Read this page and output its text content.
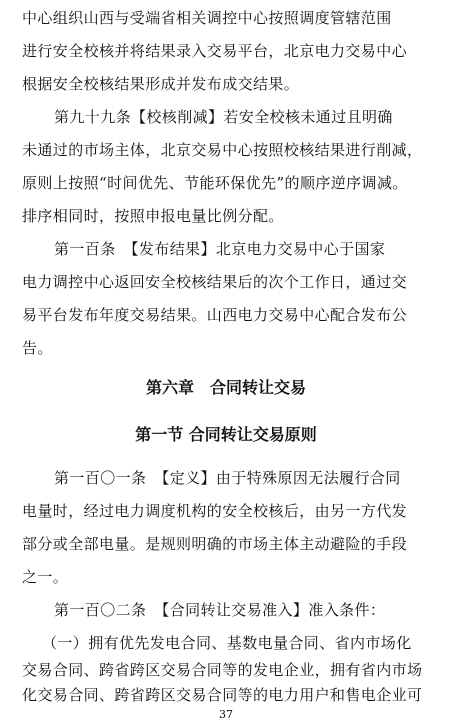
中心组织山西与受端省相关调控中心按照调度管辖范围
进行安全校核并将结果录入交易平台，北京电力交易中心
根据安全校核结果形成并发布成交结果。
第九十九条【校核削减】若安全校核未通过且明确
未通过的市场主体，北京交易中心按照校核结果进行削减，
原则上按照“时间优先、节能环保优先”的顺序逆序调减。
排序相同时，按照申报电量比例分配。
第一百条　【发布结果】北京电力交易中心于国家
电力调控中心返回安全校核结果后的次个工作日，通过交
易平台发布年度交易结果。山西电力交易中心配合发布公
告。
第六章　合同转让交易
第一节 合同转让交易原则
第一百〇一条　【定义】由于特殊原因无法履行合同
电量时，经过电力调度机构的安全校核后，由另一方代发
部分或全部电量。是规则明确的市场主体主动避险的手段
之一。
第一百〇二条　【合同转让交易准入】准入条件：
（一）拥有优先发电合同、基数电量合同、省内市场化
交易合同、跨省跨区交易合同等的发电企业，拥有省内市场
化交易合同、跨省跨区交易合同等的电力用户和售电企业可
37
